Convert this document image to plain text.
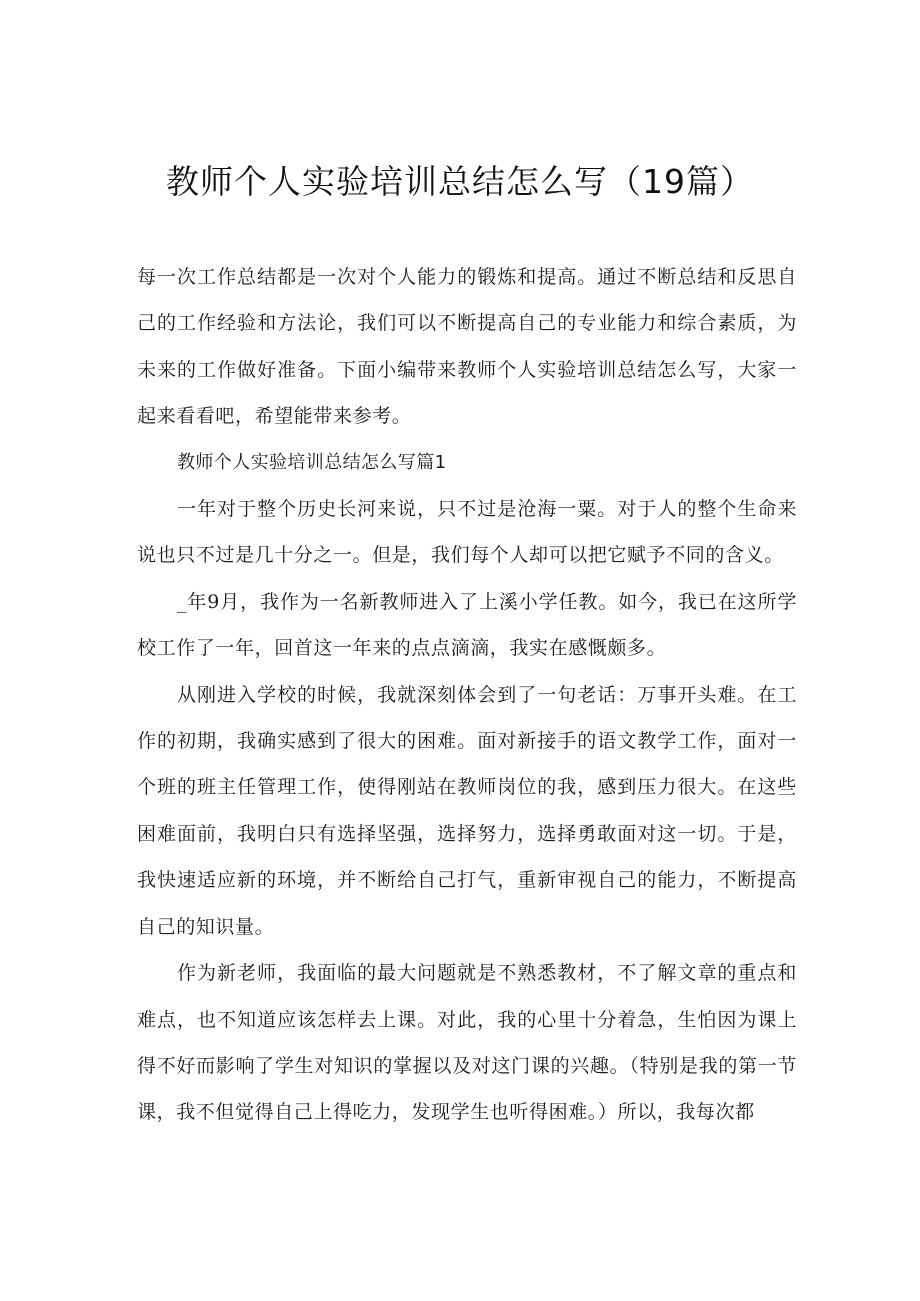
教师个人实验培训总结怎么写（19篇）

每一次工作总结都是一次对个人能力的锻炼和提高。通过不断总结和反思自己的工作经验和方法论，我们可以不断提高自己的专业能力和综合素质，为未来的工作做好准备。下面小编带来教师个人实验培训总结怎么写，大家一起来看看吧，希望能带来参考。

教师个人实验培训总结怎么写篇1

一年对于整个历史长河来说，只不过是沧海一粟。对于人的整个生命来说也只不过是几十分之一。但是，我们每个人却可以把它赋予不同的含义。

_年9月，我作为一名新教师进入了上溪小学任教。如今，我已在这所学校工作了一年，回首这一年来的点点滴滴，我实在感慨颇多。

从刚进入学校的时候，我就深刻体会到了一句老话：万事开头难。在工作的初期，我确实感到了很大的困难。面对新接手的语文教学工作，面对一个班的班主任管理工作，使得刚站在教师岗位的我，感到压力很大。在这些困难面前，我明白只有选择坚强，选择努力，选择勇敢面对这一切。于是，我快速适应新的环境，并不断给自己打气，重新审视自己的能力，不断提高自己的知识量。

作为新老师，我面临的最大问题就是不熟悉教材，不了解文章的重点和难点，也不知道应该怎样去上课。对此，我的心里十分着急，生怕因为课上得不好而影响了学生对知识的掌握以及对这门课的兴趣。（特别是我的第一节课，我不但觉得自己上得吃力，发现学生也听得困难。）所以，我每次都
